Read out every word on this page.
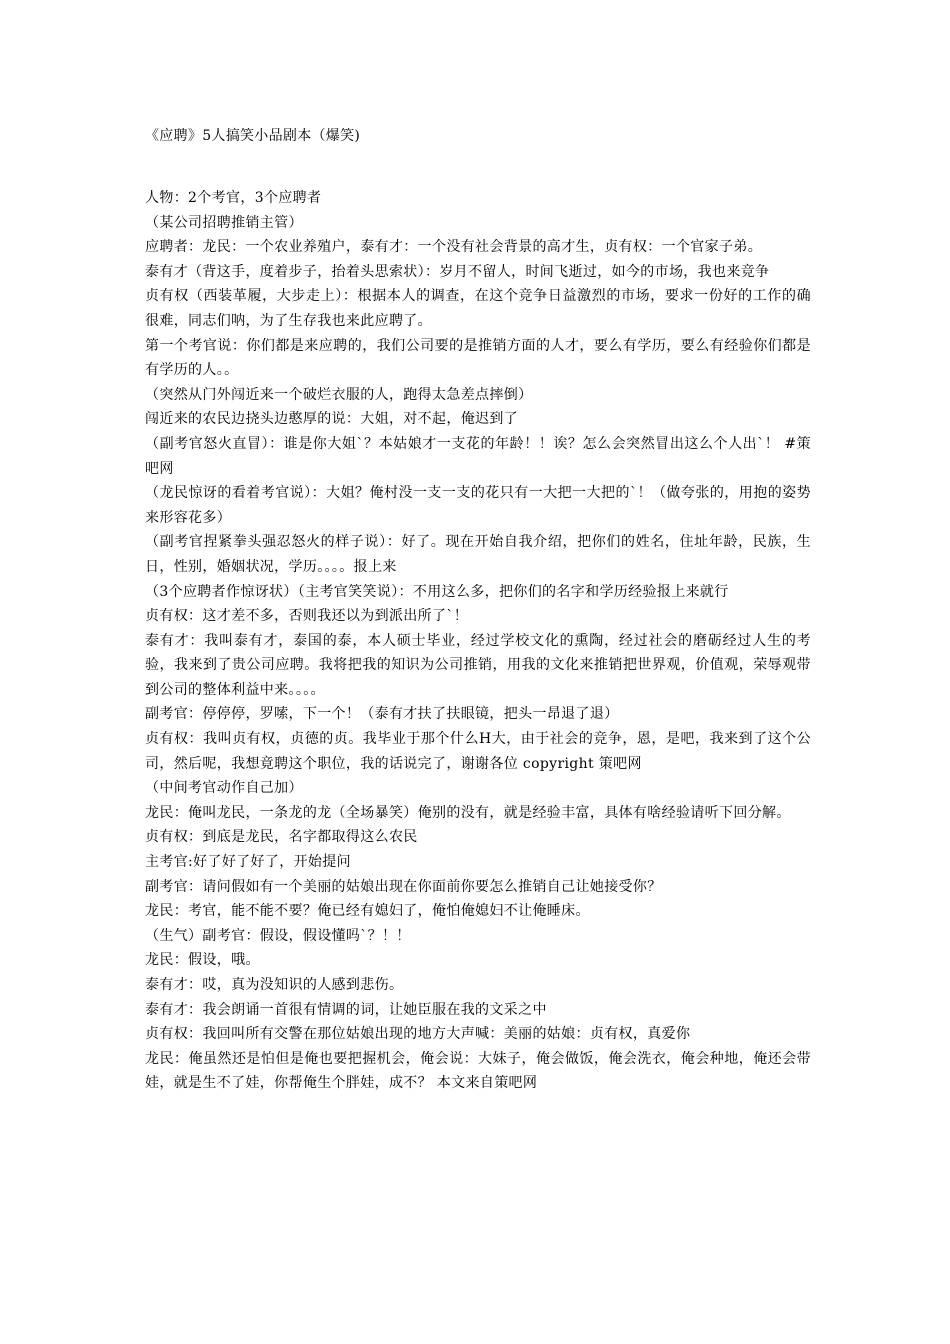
《应聘》5人搞笑小品剧本（爆笑)

人物：2个考官，3个应聘者

（某公司招聘推销主管）

应聘者：龙民：一个农业养殖户，泰有才：一个没有社会背景的高才生，贞有权：一个官家子弟。

泰有才（背这手，度着步子，抬着头思索状）：岁月不留人，时间飞逝过，如今的市场，我也来竞争

贞有权（西装革履，大步走上）：根据本人的调查，在这个竞争日益激烈的市场，要求一份好的工作的确很难，同志们呐，为了生存我也来此应聘了。

第一个考官说：你们都是来应聘的，我们公司要的是推销方面的人才，要么有学历，要么有经验你们都是有学历的人。。

（突然从门外闯近来一个破烂衣服的人，跑得太急差点摔倒）

闯近来的农民边挠头边憨厚的说：大姐，对不起，俺迟到了

（副考官怒火直冒）：谁是你大姐`？本姑娘才一支花的年龄！！诶？怎么会突然冒出这么个人出`！ #策吧网

（龙民惊讶的看着考官说）：大姐？俺村没一支一支的花只有一大把一大把的`！（做夸张的，用抱的姿势来形容花多）

（副考官捏紧拳头强忍怒火的样子说）：好了。现在开始自我介绍，把你们的姓名，住址年龄，民族，生日，性别，婚姻状况，学历。。。。报上来

（3个应聘者作惊讶状）（主考官笑笑说）：不用这么多，把你们的名字和学历经验报上来就行

贞有权：这才差不多，否则我还以为到派出所了`！

泰有才：我叫泰有才，泰国的泰，本人硕士毕业，经过学校文化的熏陶，经过社会的磨砺经过人生的考验，我来到了贵公司应聘。我将把我的知识为公司推销，用我的文化来推销把世界观，价值观，荣辱观带到公司的整体利益中来。。。。

副考官：停停停，罗嗦，下一个！（泰有才扶了扶眼镜，把头一昂退了退）

贞有权：我叫贞有权，贞德的贞。我毕业于那个什么H大，由于社会的竞争，恩，是吧，我来到了这个公司，然后呢，我想竟聘这个职位，我的话说完了，谢谢各位 copyright 策吧网

（中间考官动作自己加）

龙民：俺叫龙民，一条龙的龙（全场暴笑）俺别的没有，就是经验丰富，具体有啥经验请听下回分解。

贞有权：到底是龙民，名字都取得这么农民

主考官:好了好了好了，开始提问

副考官：请问假如有一个美丽的姑娘出现在你面前你要怎么推销自己让她接受你？

龙民：考官，能不能不要？俺已经有媳妇了，俺怕俺媳妇不让俺睡床。

（生气）副考官：假设，假设懂吗`？！！

龙民：假设，哦。

泰有才：哎，真为没知识的人感到悲伤。

泰有才：我会朗诵一首很有情调的词，让她臣服在我的文采之中

贞有权：我回叫所有交警在那位姑娘出现的地方大声喊：美丽的姑娘：贞有权，真爱你

龙民：俺虽然还是怕但是俺也要把握机会，俺会说：大妹子，俺会做饭，俺会洗衣，俺会种地，俺还会带娃，就是生不了娃，你帮俺生个胖娃，成不？ 本文来自策吧网
